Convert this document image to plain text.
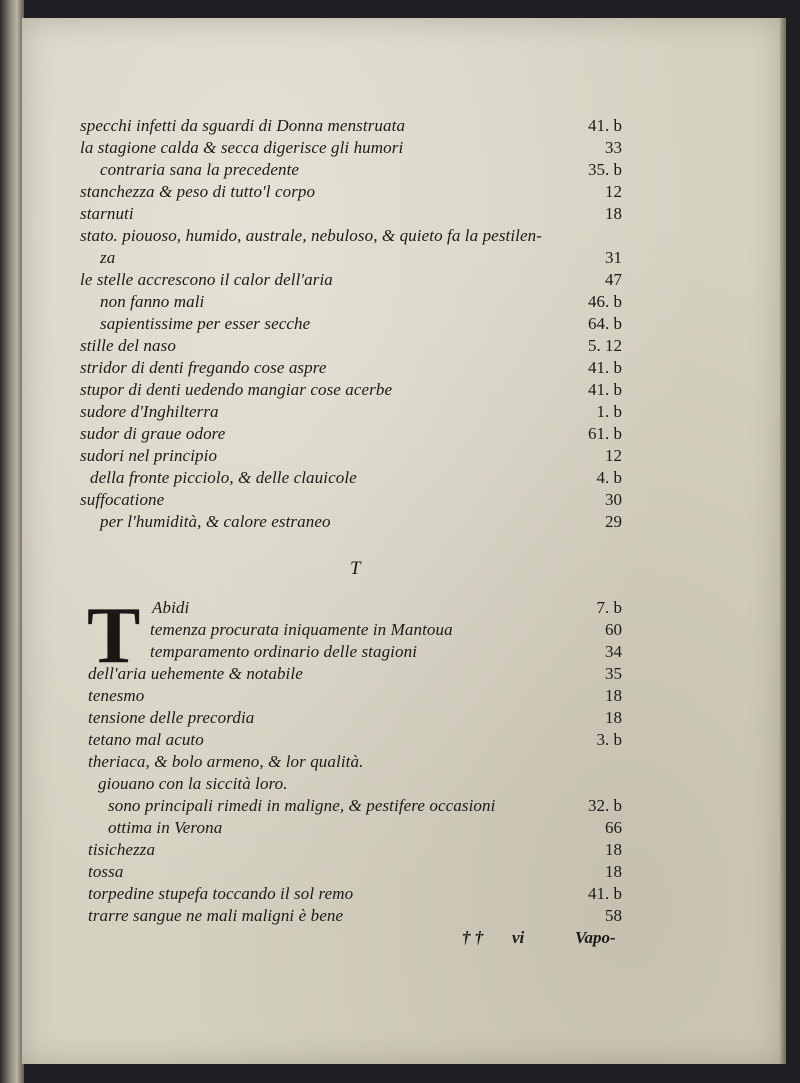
specchi infetti da sguardi di Donna menstruata	41. b
la stagione calda & secca digerisce gli humori	33
contraria sana la precedente	35. b
stanchezza & peso di tutto'l corpo	12
starnuti	18
stato. piouoso, humido, australe, nebuloso, & quieto fa la pestilen-
za	31
le stelle accrescono il calor dell'aria	47
non fanno mali	46. b
sapientissime per esser secche	64. b
stille del naso	5. 12
stridor di denti fregando cose aspre	41. b
stupor di denti uedendo mangiar cose acerbe	41. b
sudore d'Inghilterra	1. b
sudor di graue odore	61. b
sudori nel principio	12
della fronte picciolo, & delle clauicole	4. b
suffocatione	30
per l'humidità, & calore estraneo	29
T
T Abidi	7. b
temenza procurata iniquamente in Mantoua	60
temparamento ordinario delle stagioni	34
dell'aria uehemente & notabile	35
tenesmo	18
tensione delle precordia	18
tetano mal acuto	3. b
theriaca, & bolo armeno, & lor qualità.
giouano con la siccità loro.
sono principali rimedi in maligne, & pestifere occasioni	32. b
ottima in Verona	66
tisichezza	18
tossa	18
torpedine stupefa toccando il sol remo	41. b
trarre sangue ne mali maligni è bene	58
† † vi	Vapo-
